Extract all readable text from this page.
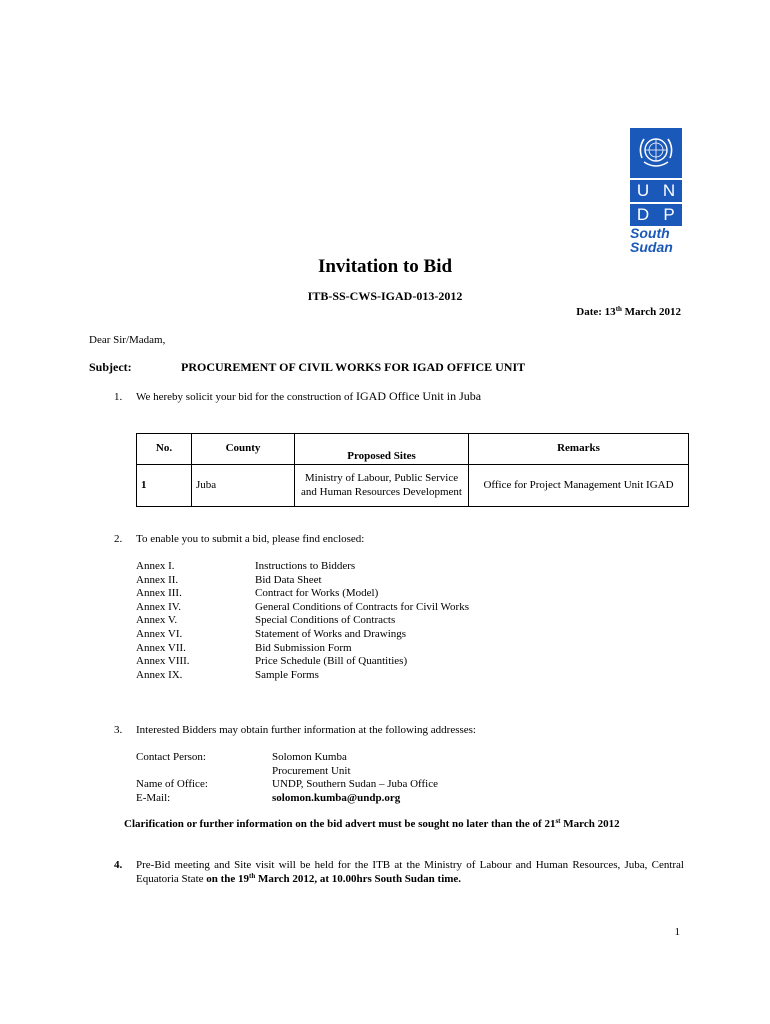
U N
D P
South
Sudan
Invitation to Bid
ITB-SS-CWS-IGAD-013-2012
Date: 13th March 2012
Dear Sir/Madam,
Subject:	PROCUREMENT OF CIVIL WORKS FOR IGAD OFFICE UNIT
1. We hereby solicit your bid for the construction of IGAD Office Unit in Juba
No.	County	Proposed Sites	Remarks
1	Juba	Ministry of Labour, Public Service and Human Resources Development	Office for Project Management Unit IGAD
2. To enable you to submit a bid, please find enclosed:
Annex I.	Instructions to Bidders
Annex II.	Bid Data Sheet
Annex III.	Contract for Works (Model)
Annex IV.	General Conditions of Contracts for Civil Works
Annex V.	Special Conditions of Contracts
Annex VI.	Statement of Works and Drawings
Annex VII.	Bid Submission Form
Annex VIII.	Price Schedule (Bill of Quantities)
Annex IX.	Sample Forms
3. Interested Bidders may obtain further information at the following addresses:
Contact Person:	Solomon Kumba
Procurement Unit
Name of Office:	UNDP, Southern Sudan – Juba Office
E-Mail:	solomon.kumba@undp.org
Clarification or further information on the bid advert must be sought no later than the of 21st March 2012
4. Pre-Bid meeting and Site visit will be held for the ITB at the Ministry of Labour and Human Resources, Juba, Central Equatoria State on the 19th March 2012, at 10.00hrs South Sudan time.
1
